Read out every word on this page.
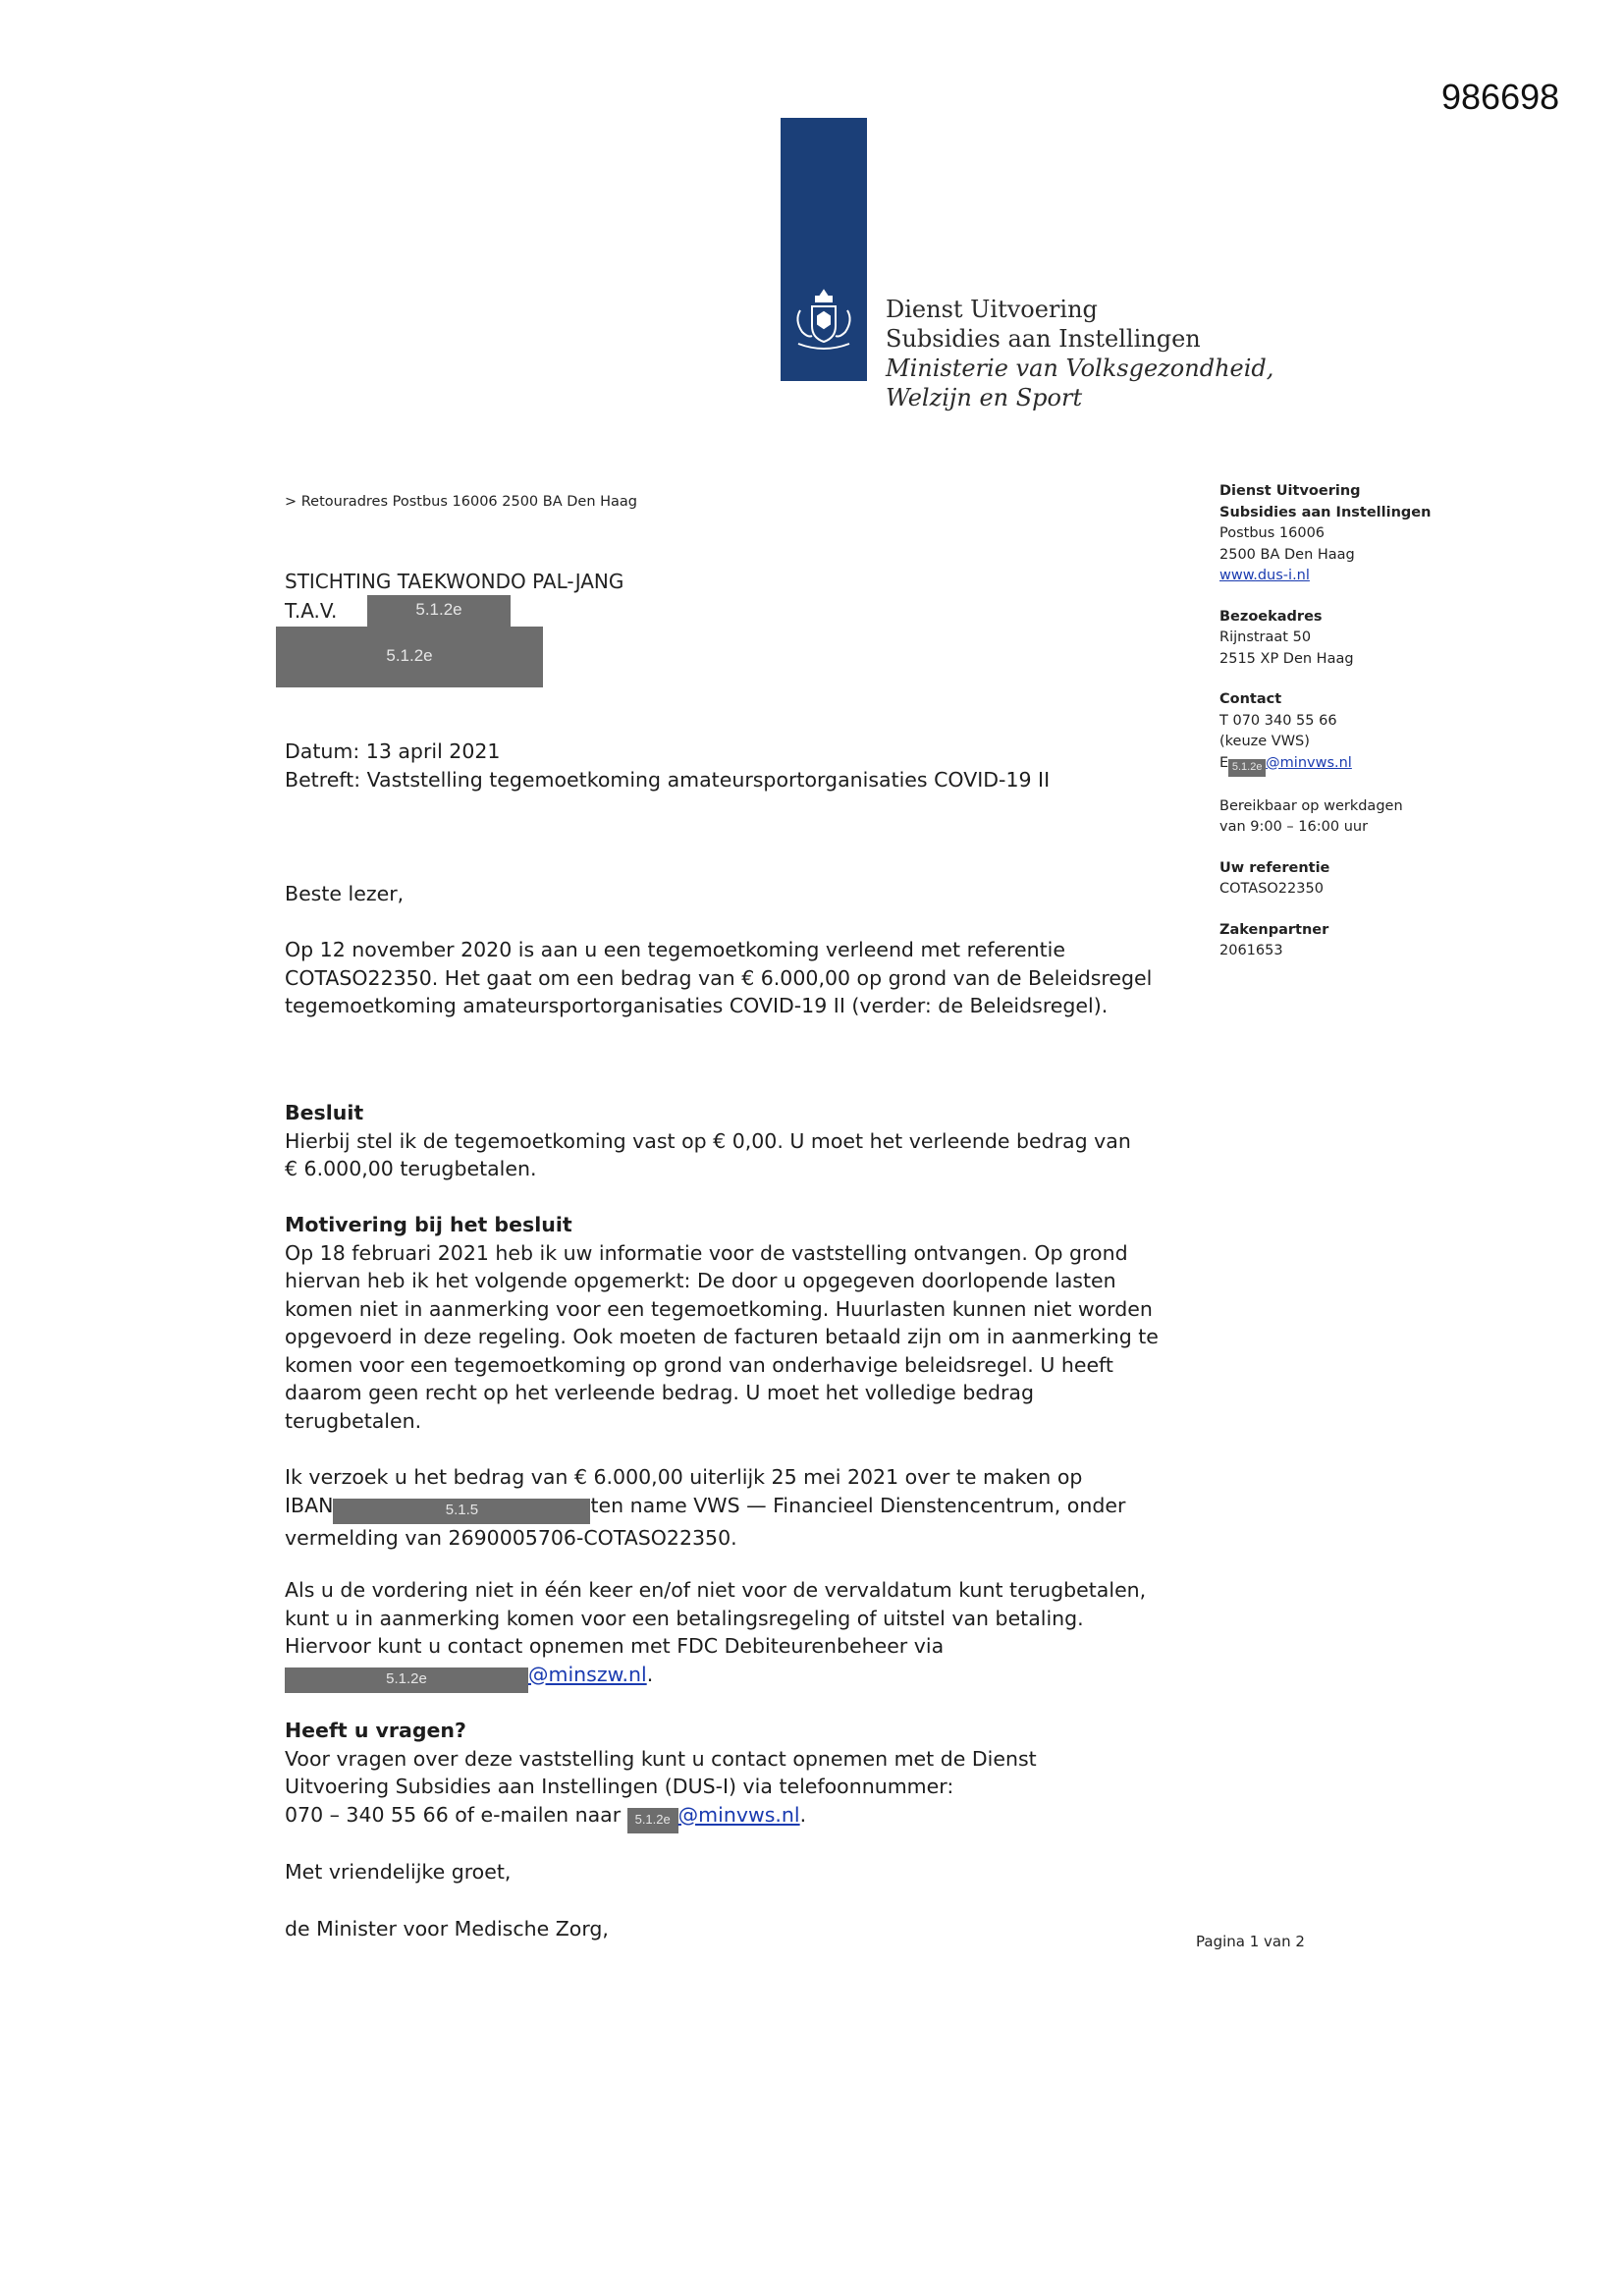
986698
Dienst Uitvoering
Subsidies aan Instellingen
Ministerie van Volksgezondheid,
Welzijn en Sport
> Retouradres Postbus 16006 2500 BA Den Haag
STICHTING TAEKWONDO PAL-JANG
T.A.V.	5.1.2e
5.1.2e
Dienst Uitvoering
Subsidies aan Instellingen
Postbus 16006
2500 BA Den Haag
www.dus-i.nl
Bezoekadres
Rijnstraat 50
2515 XP Den Haag
Contact
T 070 340 55 66
(keuze VWS)
E 5.1.2e @minvws.nl
Bereikbaar op werkdagen
van 9:00 – 16:00 uur
Uw referentie
COTASO22350
Zakenpartner
2061653

Datum: 13 april 2021

Betreft: Vaststelling tegemoetkoming amateursportorganisaties COVID-19 II

Beste lezer,
Op 12 november 2020 is aan u een tegemoetkoming verleend met referentie COTASO22350. Het gaat om een bedrag van € 6.000,00 op grond van de Beleidsregel tegemoetkoming amateursportorganisaties COVID-19 II (verder: de Beleidsregel).

Besluit

Hierbij stel ik de tegemoetkoming vast op € 0,00. U moet het verleende bedrag van € 6.000,00 terugbetalen.

Motivering bij het besluit

Op 18 februari 2021 heb ik uw informatie voor de vaststelling ontvangen. Op grond hiervan heb ik het volgende opgemerkt: De door u opgegeven doorlopende lasten komen niet in aanmerking voor een tegemoetkoming. Huurlasten kunnen niet worden opgevoerd in deze regeling. Ook moeten de facturen betaald zijn om in aanmerking te komen voor een tegemoetkoming op grond van onderhavige beleidsregel. U heeft daarom geen recht op het verleende bedrag. U moet het volledige bedrag terugbetalen.

Ik verzoek u het bedrag van € 6.000,00 uiterlijk 25 mei 2021 over te maken op

IBAN	5.1.5	ten name VWS — Financieel Dienstencentrum, onder

vermelding van 2690005706-COTASO22350.

Als u de vordering niet in één keer en/of niet voor de vervaldatum kunt terugbetalen, kunt u in aanmerking komen voor een betalingsregeling of uitstel van betaling. Hiervoor kunt u contact opnemen met FDC Debiteurenbeheer via

5.1.2e	@minszw.nl.

Heeft u vragen?

Voor vragen over deze vaststelling kunt u contact opnemen met de Dienst

Uitvoering Subsidies aan Instellingen (DUS-I) via telefoonnummer:

070 – 340 55 66 of e-mailen naar 5.1.2e @minvws.nl.

Met vriendelijke groet,
de Minister voor Medische Zorg,
Pagina 1 van 2
